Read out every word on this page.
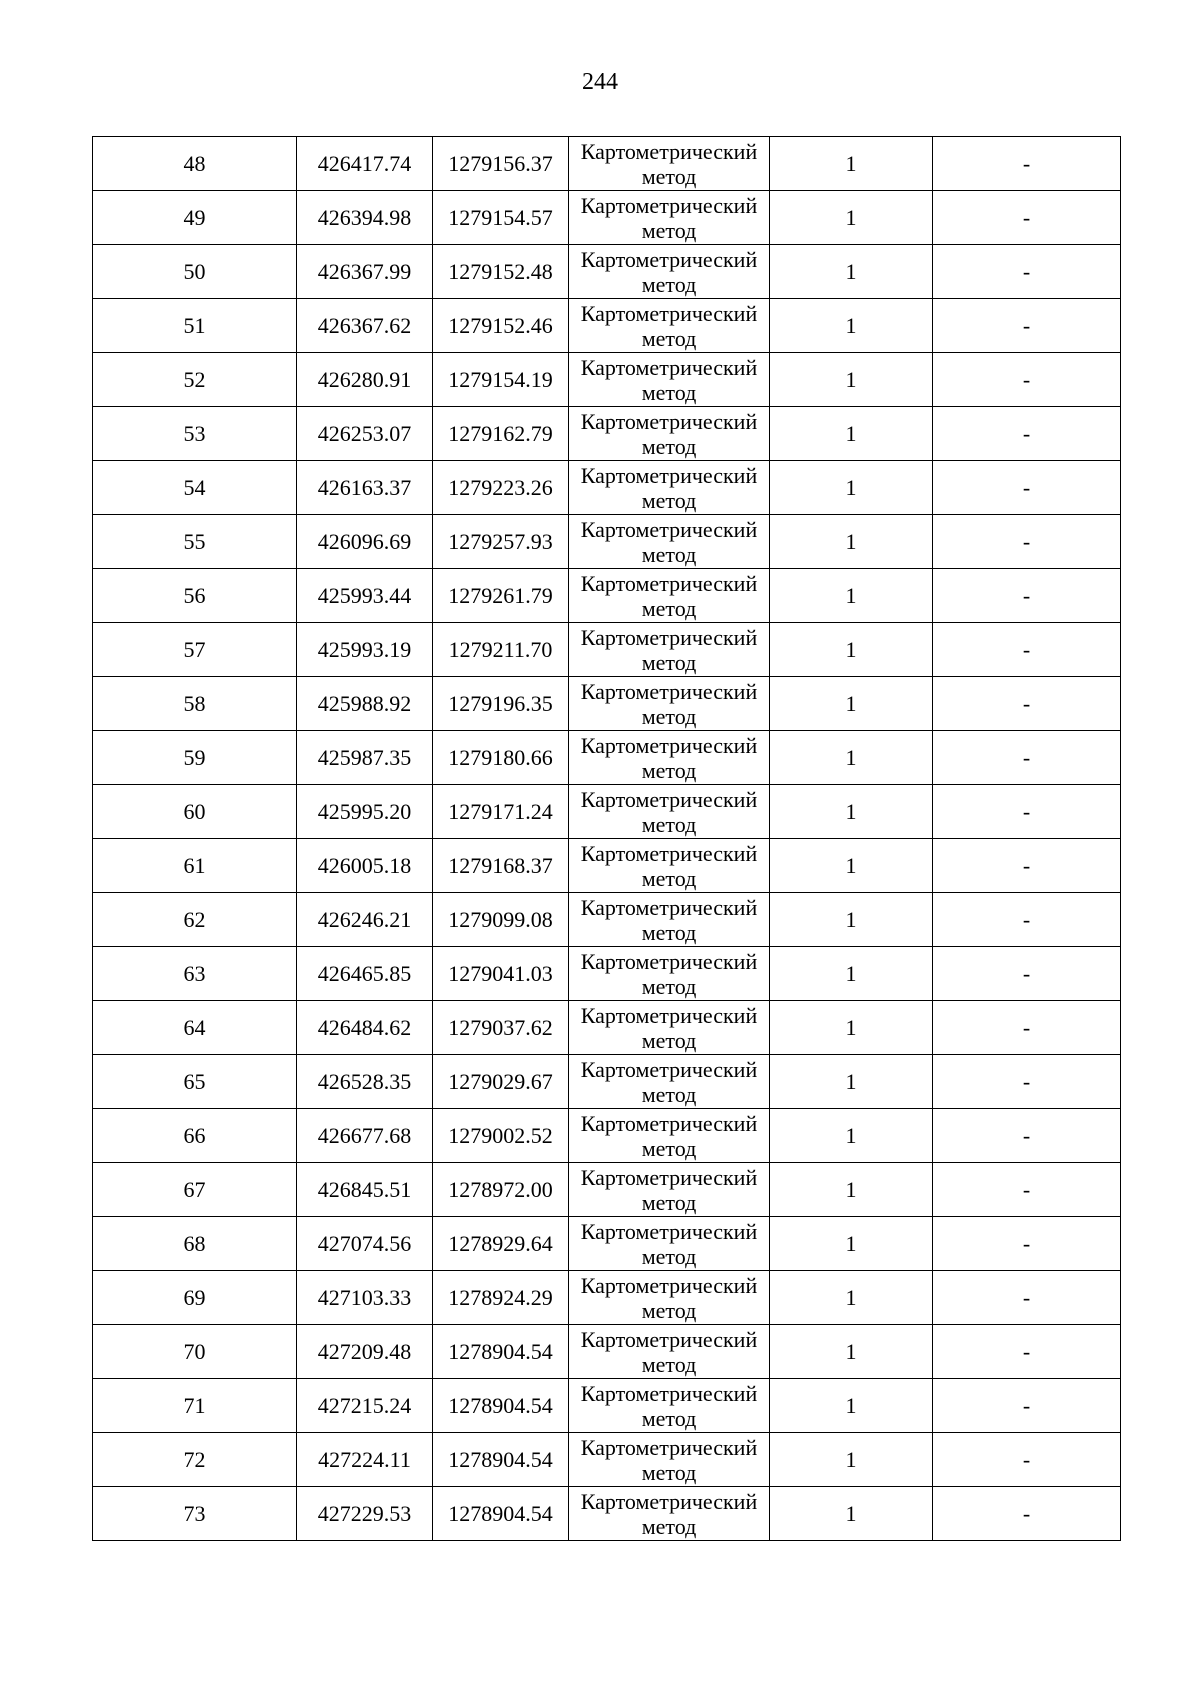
244
48	426417.74	1279156.37	Картометрический
метод	1	-
49	426394.98	1279154.57	Картометрический
метод	1	-
50	426367.99	1279152.48	Картометрический
метод	1	-
51	426367.62	1279152.46	Картометрический
метод	1	-
52	426280.91	1279154.19	Картометрический
метод	1	-
53	426253.07	1279162.79	Картометрический
метод	1	-
54	426163.37	1279223.26	Картометрический
метод	1	-
55	426096.69	1279257.93	Картометрический
метод	1	-
56	425993.44	1279261.79	Картометрический
метод	1	-
57	425993.19	1279211.70	Картометрический
метод	1	-
58	425988.92	1279196.35	Картометрический
метод	1	-
59	425987.35	1279180.66	Картометрический
метод	1	-
60	425995.20	1279171.24	Картометрический
метод	1	-
61	426005.18	1279168.37	Картометрический
метод	1	-
62	426246.21	1279099.08	Картометрический
метод	1	-
63	426465.85	1279041.03	Картометрический
метод	1	-
64	426484.62	1279037.62	Картометрический
метод	1	-
65	426528.35	1279029.67	Картометрический
метод	1	-
66	426677.68	1279002.52	Картометрический
метод	1	-
67	426845.51	1278972.00	Картометрический
метод	1	-
68	427074.56	1278929.64	Картометрический
метод	1	-
69	427103.33	1278924.29	Картометрический
метод	1	-
70	427209.48	1278904.54	Картометрический
метод	1	-
71	427215.24	1278904.54	Картометрический
метод	1	-
72	427224.11	1278904.54	Картометрический
метод	1	-
73	427229.53	1278904.54	Картометрический
метод	1	-
